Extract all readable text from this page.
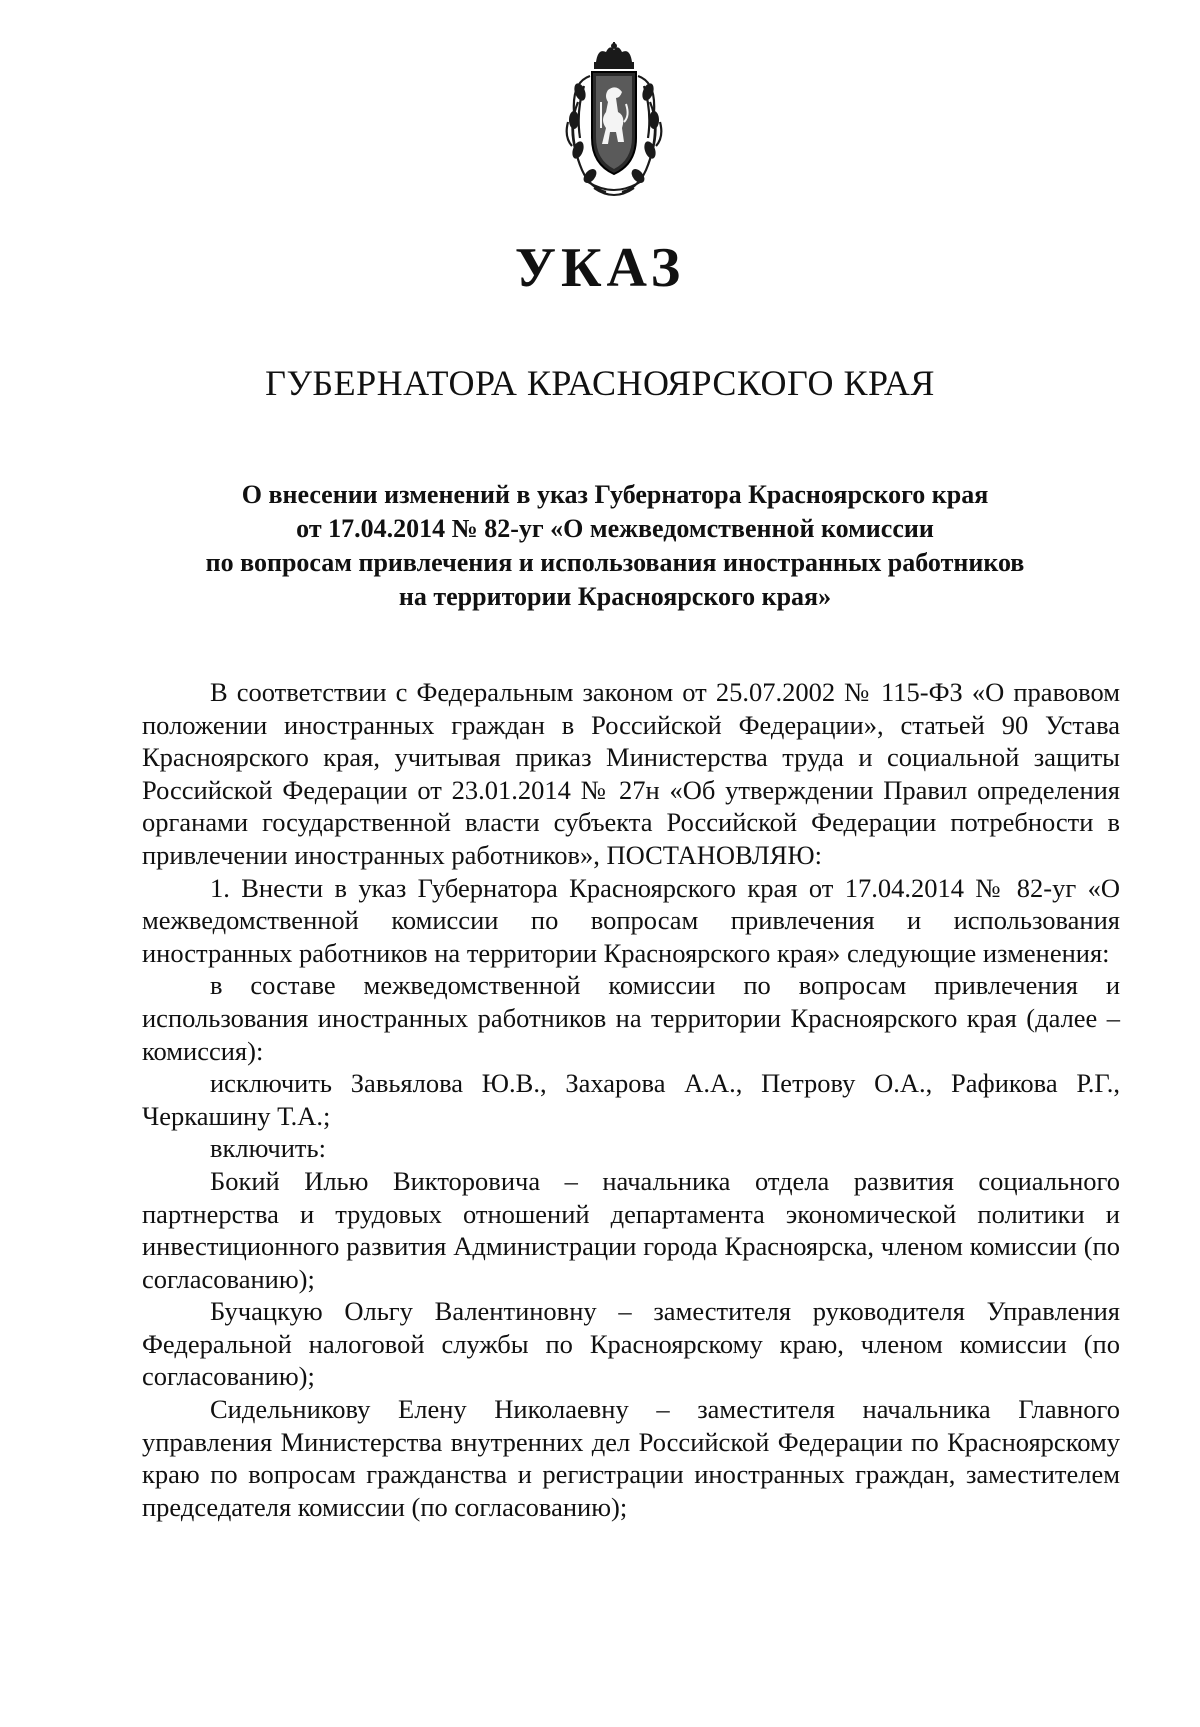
УКАЗ
ГУБЕРНАТОРА КРАСНОЯРСКОГО КРАЯ
О внесении изменений в указ Губернатора Красноярского края
от 17.04.2014 № 82-уг «О межведомственной комиссии
по вопросам привлечения и использования иностранных работников
на территории Красноярского края»

В соответствии с Федеральным законом от 25.07.2002 № 115-ФЗ «О правовом положении иностранных граждан в Российской Федерации», статьей 90 Устава Красноярского края, учитывая приказ Министерства труда и социальной защиты Российской Федерации от 23.01.2014 № 27н «Об утверждении Правил определения органами государственной власти субъекта Российской Федерации потребности в привлечении иностранных работников», ПОСТАНОВЛЯЮ:

1. Внести в указ Губернатора Красноярского края от 17.04.2014 № 82-уг «О межведомственной комиссии по вопросам привлечения и использования иностранных работников на территории Красноярского края» следующие изменения:

в составе межведомственной комиссии по вопросам привлечения и использования иностранных работников на территории Красноярского края (далее – комиссия):

исключить Завьялова Ю.В., Захарова А.А., Петрову О.А., Рафикова Р.Г., Черкашину Т.А.;

включить:

Бокий Илью Викторовича – начальника отдела развития социального партнерства и трудовых отношений департамента экономической политики и инвестиционного развития Администрации города Красноярска, членом комиссии (по согласованию);

Бучацкую Ольгу Валентиновну – заместителя руководителя Управления Федеральной налоговой службы по Красноярскому краю, членом комиссии (по согласованию);

Сидельникову Елену Николаевну – заместителя начальника Главного управления Министерства внутренних дел Российской Федерации по Красноярскому краю по вопросам гражданства и регистрации иностранных граждан, заместителем председателя комиссии (по согласованию);
